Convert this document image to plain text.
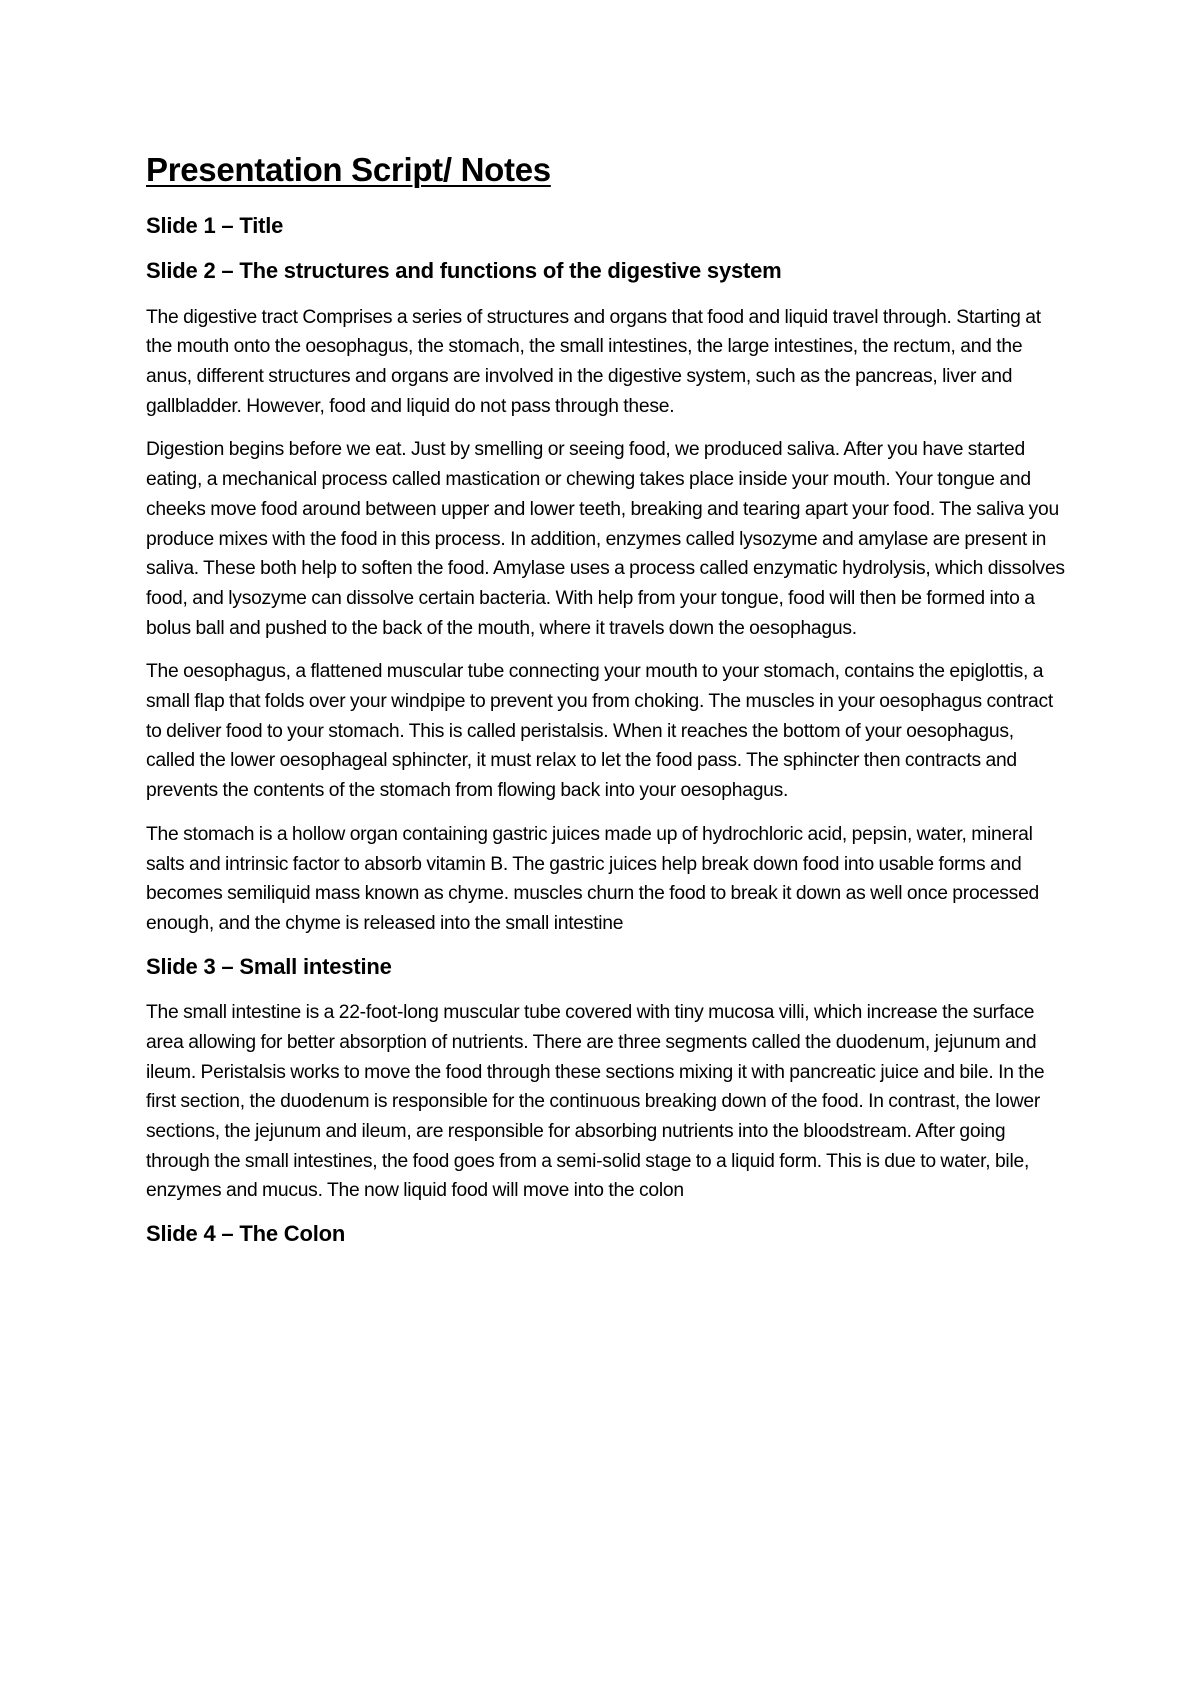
Presentation Script/ Notes
Slide 1 – Title
Slide 2 – The structures and functions of the digestive system

The digestive tract Comprises a series of structures and organs that food and liquid travel through. Starting at the mouth onto the oesophagus, the stomach, the small intestines, the large intestines, the rectum, and the anus, different structures and organs are involved in the digestive system, such as the pancreas, liver and gallbladder. However, food and liquid do not pass through these.

Digestion begins before we eat. Just by smelling or seeing food, we produced saliva. After you have started eating, a mechanical process called mastication or chewing takes place inside your mouth. Your tongue and cheeks move food around between upper and lower teeth, breaking and tearing apart your food. The saliva you produce mixes with the food in this process. In addition, enzymes called lysozyme and amylase are present in saliva. These both help to soften the food. Amylase uses a process called enzymatic hydrolysis, which dissolves food, and lysozyme can dissolve certain bacteria. With help from your tongue, food will then be formed into a bolus ball and pushed to the back of the mouth, where it travels down the oesophagus.

The oesophagus, a flattened muscular tube connecting your mouth to your stomach, contains the epiglottis, a small flap that folds over your windpipe to prevent you from choking. The muscles in your oesophagus contract to deliver food to your stomach. This is called peristalsis. When it reaches the bottom of your oesophagus, called the lower oesophageal sphincter, it must relax to let the food pass. The sphincter then contracts and prevents the contents of the stomach from flowing back into your oesophagus.

The stomach is a hollow organ containing gastric juices made up of hydrochloric acid, pepsin, water, mineral salts and intrinsic factor to absorb vitamin B. The gastric juices help break down food into usable forms and becomes semiliquid mass known as chyme. muscles churn the food to break it down as well once processed enough, and the chyme is released into the small intestine

Slide 3 – Small intestine

The small intestine is a 22-foot-long muscular tube covered with tiny mucosa villi, which increase the surface area allowing for better absorption of nutrients. There are three segments called the duodenum, jejunum and ileum. Peristalsis works to move the food through these sections mixing it with pancreatic juice and bile. In the first section, the duodenum is responsible for the continuous breaking down of the food. In contrast, the lower sections, the jejunum and ileum, are responsible for absorbing nutrients into the bloodstream. After going through the small intestines, the food goes from a semi-solid stage to a liquid form. This is due to water, bile, enzymes and mucus. The now liquid food will move into the colon

Slide 4 – The Colon
